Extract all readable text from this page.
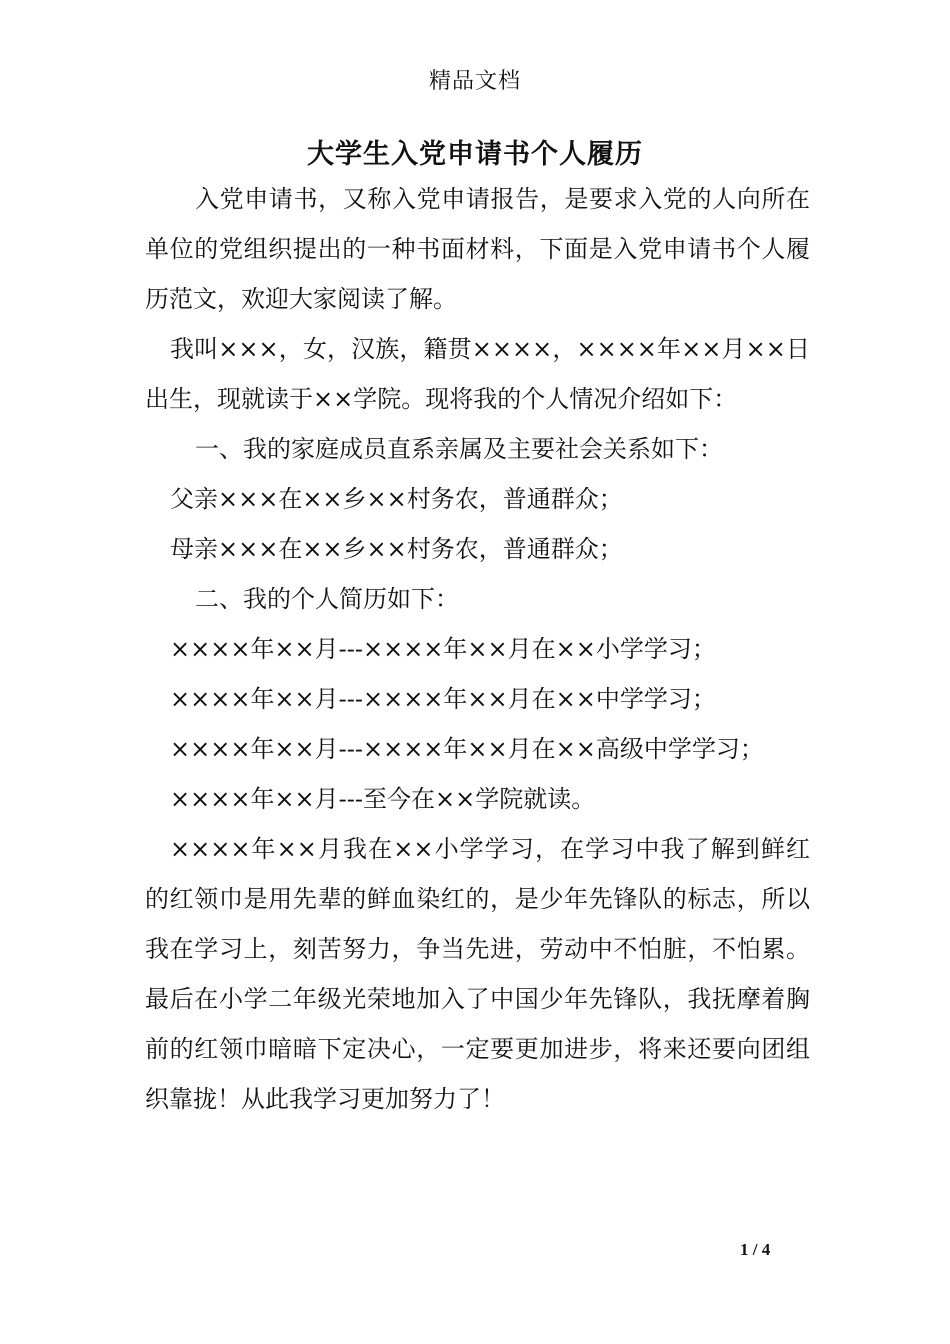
精品文档
大学生入党申请书个人履历

入党申请书，又称入党申请报告，是要求入党的人向所在单位的党组织提出的一种书面材料，下面是入党申请书个人履历范文，欢迎大家阅读了解。

我叫×××，女，汉族，籍贯××××，××××年××月××日出生，现就读于××学院。现将我的个人情况介绍如下：

一、我的家庭成员直系亲属及主要社会关系如下：

父亲×××在××乡××村务农，普通群众；

母亲×××在××乡××村务农，普通群众；

二、我的个人简历如下：

××××年××月---××××年××月在××小学学习；

××××年××月---××××年××月在××中学学习；

××××年××月---××××年××月在××高级中学学习；

××××年××月---至今在××学院就读。

××××年××月我在××小学学习，在学习中我了解到鲜红的红领巾是用先辈的鲜血染红的，是少年先锋队的标志，所以我在学习上，刻苦努力，争当先进，劳动中不怕脏，不怕累。最后在小学二年级光荣地加入了中国少年先锋队，我抚摩着胸前的红领巾暗暗下定决心，一定要更加进步，将来还要向团组织靠拢！从此我学习更加努力了！

1 / 4
